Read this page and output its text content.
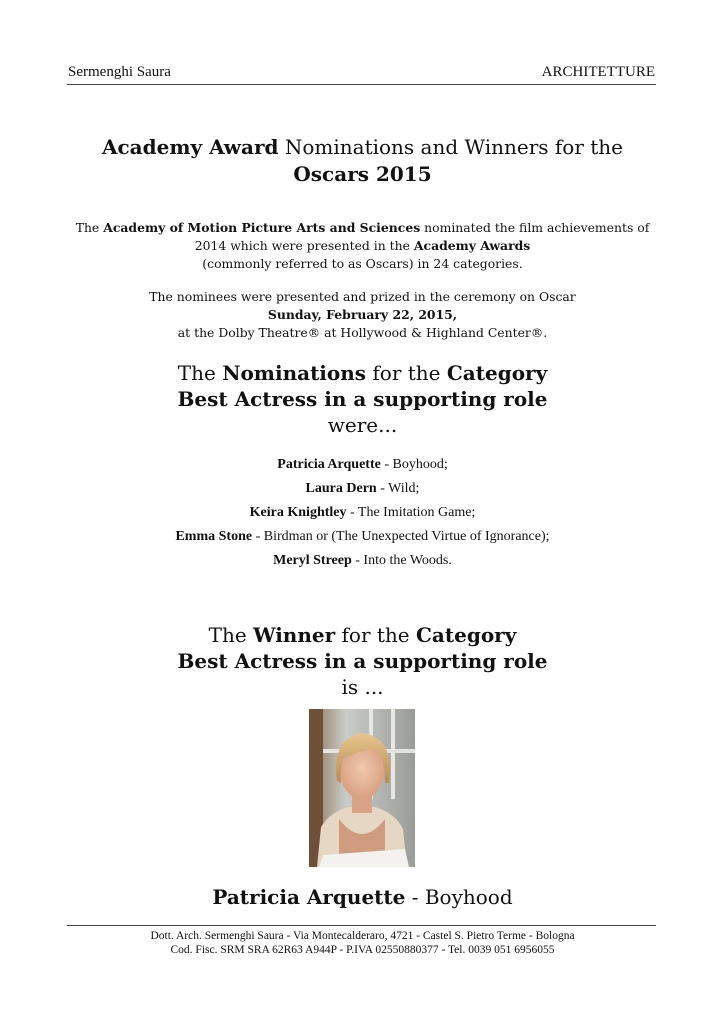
Sermenghi Saura	ARCHITETTURE
Academy Award Nominations and Winners for the
Oscars 2015
The Academy of Motion Picture Arts and Sciences nominated the film achievements of
2014 which were presented in the Academy Awards
(commonly referred to as Oscars) in 24 categories.
The nominees were presented and prized in the ceremony on Oscar
Sunday, February 22, 2015,
at the Dolby Theatre® at Hollywood & Highland Center®.
The Nominations for the Category
Best Actress in a supporting role
were...
Patricia Arquette - Boyhood;
Laura Dern - Wild;
Keira Knightley - The Imitation Game;
Emma Stone - Birdman or (The Unexpected Virtue of Ignorance);
Meryl Streep - Into the Woods.
The Winner for the Category
Best Actress in a supporting role
is ...
Patricia Arquette - Boyhood
Dott. Arch. Sermenghi Saura - Via Montecalderaro, 4721 - Castel S. Pietro Terme - Bologna
Cod. Fisc. SRM SRA 62R63 A944P - P.IVA 02550880377 - Tel. 0039 051 6956055
